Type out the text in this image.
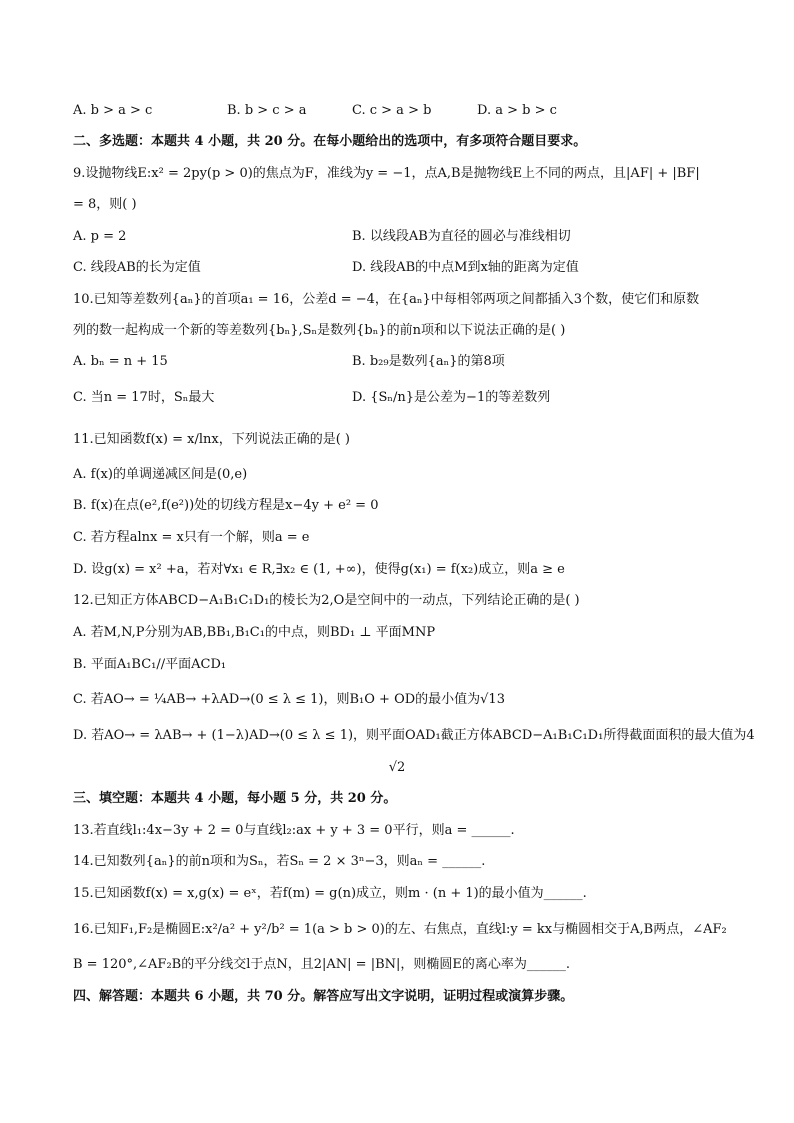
A. b > a > c	B. b > c > a	C. c > a > b	D. a > b > c
二、多选题：本题共 4 小题，共 20 分。在每小题给出的选项中，有多项符合题目要求。
9.设抛物线E:x² = 2py(p > 0)的焦点为F，准线为y = −1，点A,B是抛物线E上不同的两点，且|AF| + |BF|
= 8，则( )
A. p = 2	B. 以线段AB为直径的圆必与准线相切
C. 线段AB的长为定值	D. 线段AB的中点M到x轴的距离为定值
10.已知等差数列{aₙ}的首项a₁ = 16，公差d = −4，在{aₙ}中每相邻两项之间都插入3个数，使它们和原数
列的数一起构成一个新的等差数列{bₙ},Sₙ是数列{bₙ}的前n项和以下说法正确的是( )
A. bₙ = n + 15	B. b₂₉是数列{aₙ}的第8项
C. 当n = 17时，Sₙ最大	D. {Sₙ/n}是公差为−1的等差数列
11.已知函数f(x) = x/lnx，下列说法正确的是( )
A. f(x)的单调递减区间是(0,e)
B. f(x)在点(e²,f(e²))处的切线方程是x−4y + e² = 0
C. 若方程alnx = x只有一个解，则a = e
D. 设g(x) = x² +a，若对∀x₁ ∈ R,∃x₂ ∈ (1, +∞)，使得g(x₁) = f(x₂)成立，则a ≥ e
12.已知正方体ABCD−A₁B₁C₁D₁的棱长为2,O是空间中的一动点，下列结论正确的是( )
A. 若M,N,P分别为AB,BB₁,B₁C₁的中点，则BD₁ ⊥ 平面MNP
B. 平面A₁BC₁//平面ACD₁
C. 若AO→ = ¼AB→ +λAD→(0 ≤ λ ≤ 1)，则B₁O + OD的最小值为√13
D. 若AO→ = λAB→ + (1−λ)AD→(0 ≤ λ ≤ 1)，则平面OAD₁截正方体ABCD−A₁B₁C₁D₁所得截面面积的最大值为4
√2
三、填空题：本题共 4 小题，每小题 5 分，共 20 分。
13.若直线l₁:4x−3y + 2 = 0与直线l₂:ax + y + 3 = 0平行，则a = ______.
14.已知数列{aₙ}的前n项和为Sₙ，若Sₙ = 2 × 3ⁿ−3，则aₙ = ______.
15.已知函数f(x) = x,g(x) = eˣ，若f(m) = g(n)成立，则m · (n + 1)的最小值为______.
16.已知F₁,F₂是椭圆E:x²/a² + y²/b² = 1(a > b > 0)的左、右焦点，直线l:y = kx与椭圆相交于A,B两点，∠AF₂
B = 120°,∠AF₂B的平分线交l于点N，且2|AN| = |BN|，则椭圆E的离心率为______.
四、解答题：本题共 6 小题，共 70 分。解答应写出文字说明，证明过程或演算步骤。
